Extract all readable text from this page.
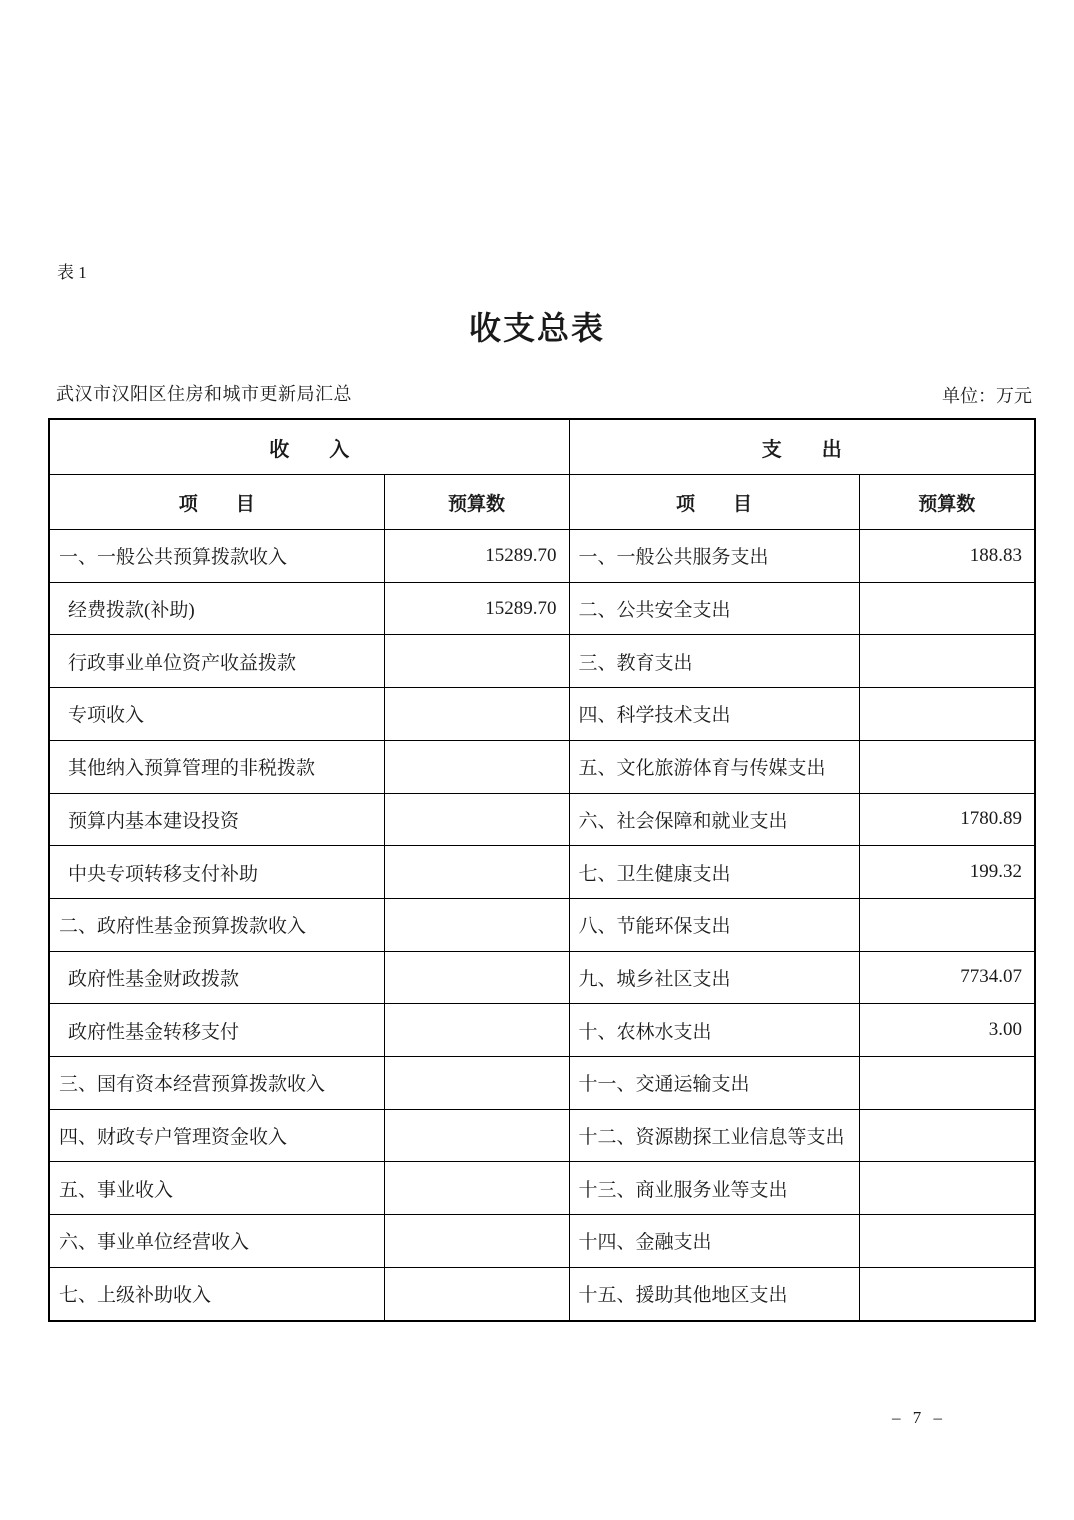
表 1
收支总表
武汉市汉阳区住房和城市更新局汇总	单位：万元
收　　入		支　　出	
项　　目	预算数	项　　目	预算数
一、一般公共预算拨款收入	15289.70	一、一般公共服务支出	188.83
经费拨款(补助)	15289.70	二、公共安全支出	
行政事业单位资产收益拨款		三、教育支出	
专项收入		四、科学技术支出	
其他纳入预算管理的非税拨款		五、文化旅游体育与传媒支出	
预算内基本建设投资		六、社会保障和就业支出	1780.89
中央专项转移支付补助		七、卫生健康支出	199.32
二、政府性基金预算拨款收入		八、节能环保支出	
政府性基金财政拨款		九、城乡社区支出	7734.07
政府性基金转移支付		十、农林水支出	3.00
三、国有资本经营预算拨款收入		十一、交通运输支出	
四、财政专户管理资金收入		十二、资源勘探工业信息等支出	
五、事业收入		十三、商业服务业等支出	
六、事业单位经营收入		十四、金融支出	
七、上级补助收入		十五、援助其他地区支出	
– 7 –
